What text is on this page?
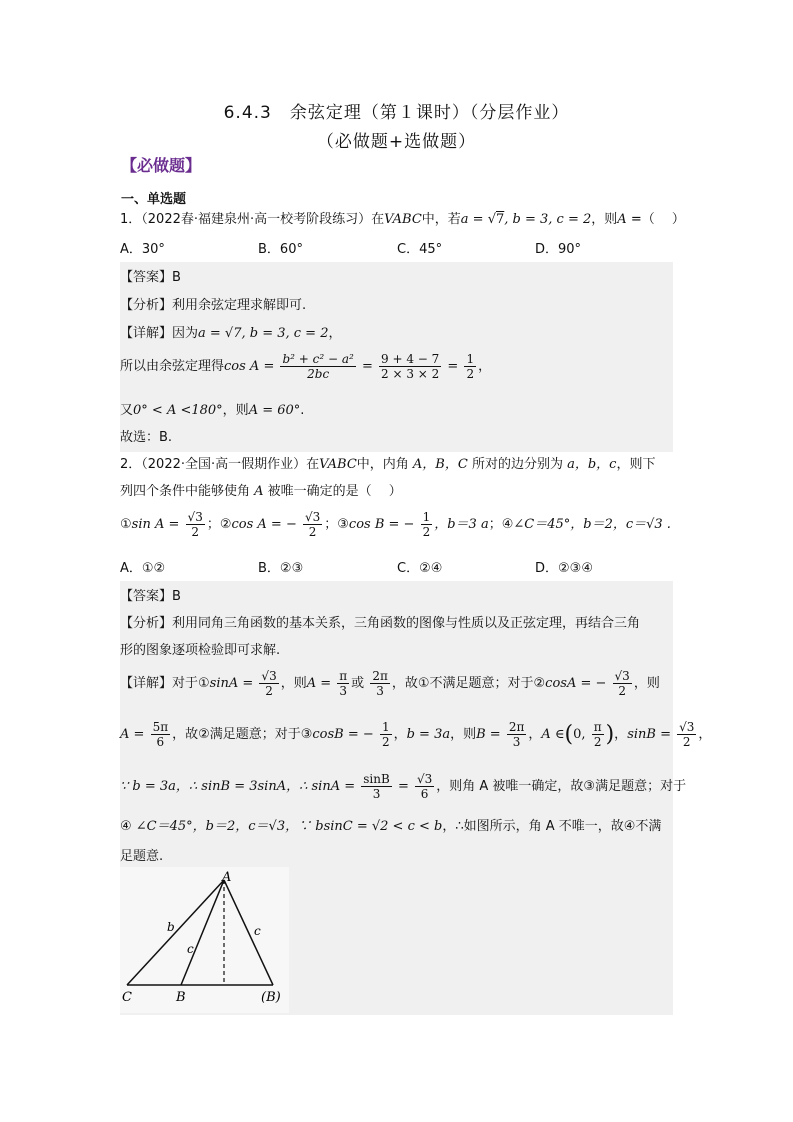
6.4.3　余弦定理（第１课时）（分层作业）
（必做题+选做题）
【必做题】
一、单选题
1．（2022春·福建泉州·高一校考阶段练习）在VABC中，若a = √7, b = 3, c = 2，则A =（　 ）
A．30°	B．60°	C．45°	D．90°
【答案】B
【分析】利用余弦定理求解即可.
【详解】因为a = √7, b = 3, c = 2，
所以由余弦定理得$\cos A = \frac{\text{b² + c² − a²}}{2bc} = \frac{9 + 4 - 7}{2 \times 3 \times 2} = \frac{1}{2}$ ，
又0° < A <180°，则A = 60°.
故选：B.
2．（2022·全国·高一假期作业）在VABC中，内角 A，B，C 所对的边分别为 a，b，c，则下
列四个条件中能够使角 A 被唯一确定的是（　 ）
①sin $A = \frac{√3}{2}$ ；②cos A = − $\frac{√3}{2}$ ；③cos B = − $\frac{1}{2}$ ，b＝3 a；④∠C＝45°，b＝2，c＝√3 .
A．①②	B．②③	C．②④	D．②③④
【答案】B
【分析】利用同角三角函数的基本关系，三角函数的图像与性质以及正弦定理，再结合三角
形的图象逐项检验即可求解.
【详解】对于①sinA = $\frac{√3}{2}$ ，则$A = \frac{\pi}{3}$ 或 $\frac{2\pi}{3}$ ，故①不满足题意；对于②cosA = − $\frac{√3}{2}$ ，则
$A = \frac{5\pi}{6}$ ，故②满足题意；对于③cosB = − $\frac{1}{2}$ ，b = 3a，则$B = \frac{2\pi}{3}$ ，A ∈(0, $\frac{\pi}{2}$ )，$\sin B = \frac{√3}{2}$ ，
∵ b = 3a，∴ sinB = 3sinA，∴ $\sin A = \frac{\sin B}{3} = \frac{√3}{6}$ ，则角 A 被唯一确定，故③满足题意；对于
④ ∠C＝45°，b＝2，c＝√3，∵ bsinC = √2 < c < b，∴如图所示，角 A 不唯一，故④不满
足题意.
A
C	B	(B)
b
c
c
